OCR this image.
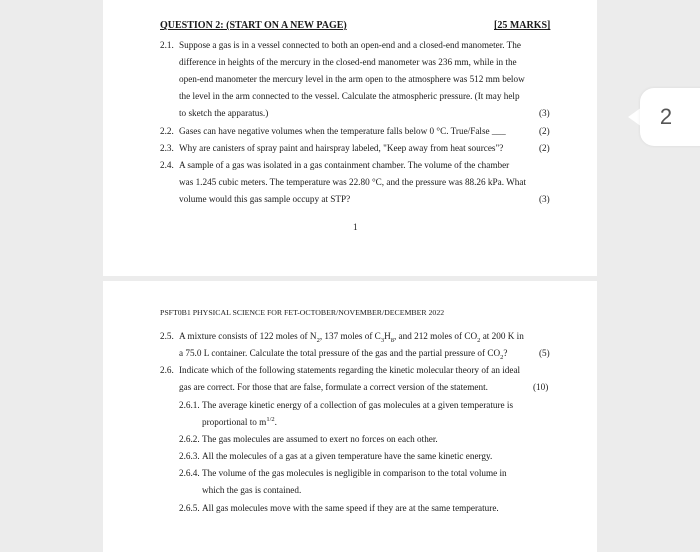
QUESTION 2: (START ON A NEW PAGE)	[25 MARKS]
2.1. Suppose a gas is in a vessel connected to both an open-end and a closed-end manometer. The
difference in heights of the mercury in the closed-end manometer was 236 mm, while in the
open-end manometer the mercury level in the arm open to the atmosphere was 512 mm below
the level in the arm connected to the vessel. Calculate the atmospheric pressure. (It may help
to sketch the apparatus.)	(3)
2.2. Gases can have negative volumes when the temperature falls below 0 °C. True/False ___	(2)
2.3. Why are canisters of spray paint and hairspray labeled, "Keep away from heat sources"?	(2)
2.4. A sample of a gas was isolated in a gas containment chamber. The volume of the chamber
was 1.245 cubic meters. The temperature was 22.80 °C, and the pressure was 88.26 kPa. What
volume would this gas sample occupy at STP?	(3)
1
PSFT0B1 PHYSICAL SCIENCE FOR FET-OCTOBER/NOVEMBER/DECEMBER 2022
2.5. A mixture consists of 122 moles of $N_2$, 137 moles of $C_3H_8$, and 212 moles of $CO_2$ at 200 K in
a 75.0 L container. Calculate the total pressure of the gas and the partial pressure of $CO_2$?	(5)
2.6. Indicate which of the following statements regarding the kinetic molecular theory of an ideal
gas are correct. For those that are false, formulate a correct version of the statement.	(10)
2.6.1. The average kinetic energy of a collection of gas molecules at a given temperature is
proportional to $m^{1/2}$.
2.6.2. The gas molecules are assumed to exert no forces on each other.
2.6.3. All the molecules of a gas at a given temperature have the same kinetic energy.
2.6.4. The volume of the gas molecules is negligible in comparison to the total volume in
which the gas is contained.
2.6.5. All gas molecules move with the same speed if they are at the same temperature.
2
